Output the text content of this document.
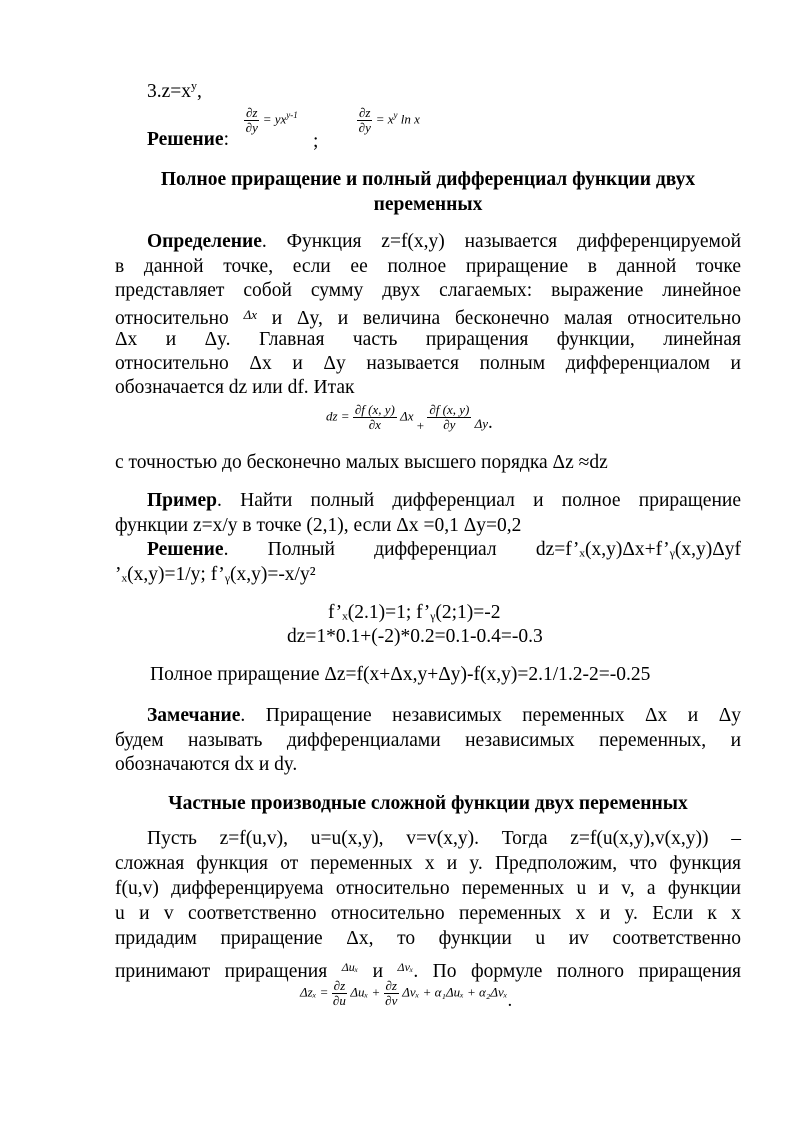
$3.z=x^y$,
Решение:
$\frac{\partial z}{\partial y} = yx^{y-1}$
;
$\frac{\partial z}{\partial y} = x^y$ ln x
Полное приращение и полный дифференциал функции двух
переменных
Определение. Функция z=f(x,y) называется дифференцируемой
в данной точке, если ее полное приращение в данной точке
представляет собой сумму двух слагаемых: выражение линейное
относительно $^{\Delta x}$ и Δy, и величина бесконечно малая относительно
Δx и Δy. Главная часть приращения функции, линейная
относительно Δx и Δy называется полным дифференциалом и
обозначается dz или df. Итак
dz = $\frac{\partial f (x, y)}{\partial x}$ $\Delta x + \frac{\partial f (x, y)}{\partial y} \Delta y$.
с точностью до бесконечно малых высшего порядка Δz ≈dz
Пример. Найти полный дифференциал и полное приращение
функции z=x/y в точке (2,1), если Δx =0,1 Δy=0,2
Решение. Полный дифференциал dz=f’ₓ(x,y)Δx+f’ᵧ(x,y)Δyf
’ₓ(x,y)=1/y; f’ᵧ(x,y)=-x/y²
f’ₓ(2.1)=1; f’ᵧ(2;1)=-2
dz=1*0.1+(-2)*0.2=0.1-0.4=-0.3
Полное приращение Δz=f(x+Δx,y+Δy)-f(x,y)=2.1/1.2-2=-0.25
Замечание. Приращение независимых переменных Δx и Δy
будем называть дифференциалами независимых переменных, и
обозначаются dx и dy.
Частные производные сложной функции двух переменных
Пусть z=f(u,v), u=u(x,y), v=v(x,y). Тогда z=f(u(x,y),v(x,y)) –
сложная функция от переменных x и y. Предположим, что функция
f(u,v) дифференцируема относительно переменных u и v, а функции
u и v соответственно относительно переменных x и y. Если к x
придадим приращение Δx, то функции u иv соответственно
принимают приращения $^{\Delta u_x}$ и $^{\Delta v_x}$. По формуле полного приращения
$\Delta z_x = \frac{\partial z}{\partial u}$ $\Delta u_x + \frac{\partial z}{\partial v}$ Δvₓ + α₁Δuₓ + α₂Δvₓ.
